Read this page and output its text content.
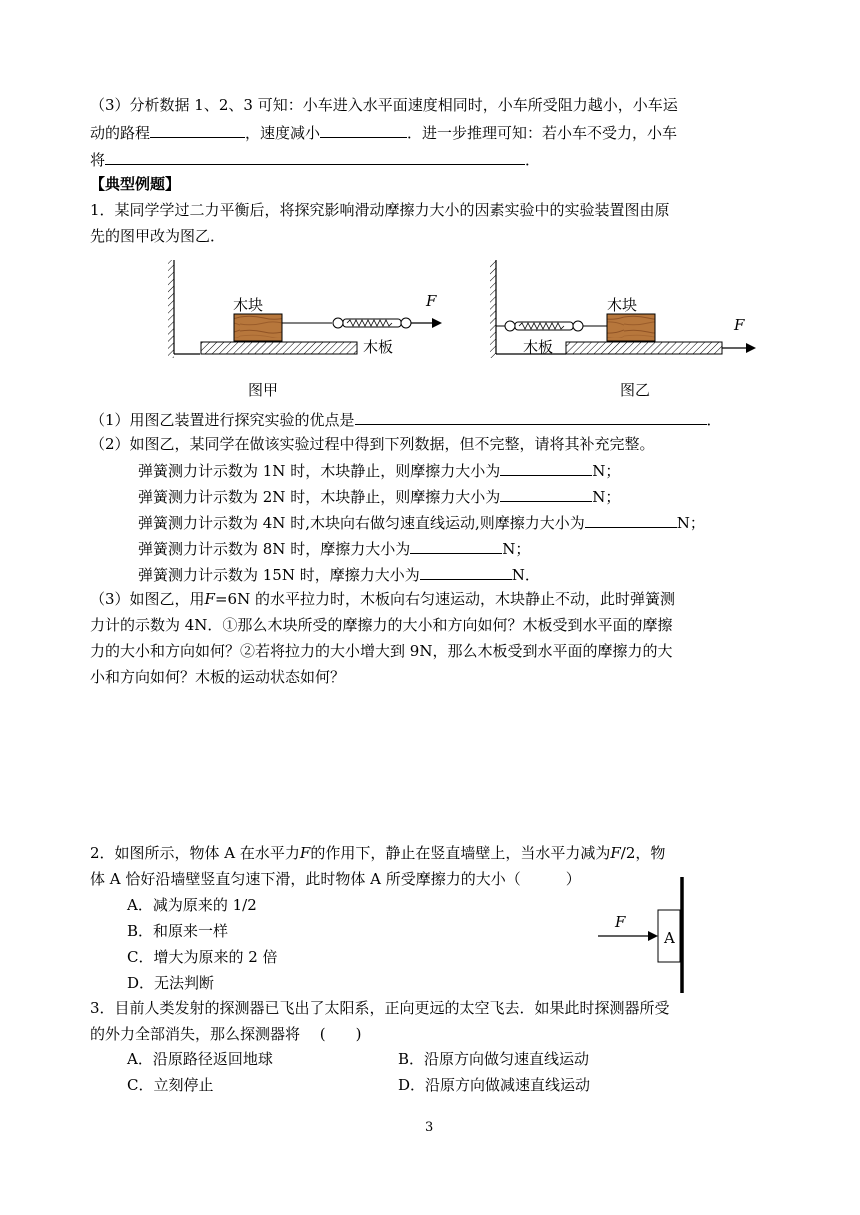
（3）分析数据 1、2、3 可知：小车进入水平面速度相同时，小车所受阻力越小，小车运
动的路程	，速度减小	．进一步推理可知：若小车不受力，小车
将	．
【典型例题】
1．某同学学过二力平衡后，将探究影响滑动摩擦力大小的因素实验中的实验装置图由原
先的图甲改为图乙．
木块	F
木板
木块
F
木板
图甲	图乙
（1）用图乙装置进行探究实验的优点是	．
（2）如图乙，某同学在做该实验过程中得到下列数据，但不完整，请将其补充完整。
弹簧测力计示数为 1N 时，木块静止，则摩擦力大小为	N；
弹簧测力计示数为 2N 时，木块静止，则摩擦力大小为	N；
弹簧测力计示数为 4N 时,木块向右做匀速直线运动,则摩擦力大小为	N；
弹簧测力计示数为 8N 时，摩擦力大小为	N；
弹簧测力计示数为 15N 时，摩擦力大小为	N．
（3）如图乙，用F=6N 的水平拉力时，木板向右匀速运动，木块静止不动，此时弹簧测
力计的示数为 4N．①那么木块所受的摩擦力的大小和方向如何？木板受到水平面的摩擦
力的大小和方向如何？②若将拉力的大小增大到 9N，那么木板受到水平面的摩擦力的大
小和方向如何？木板的运动状态如何？
2．如图所示，物体 A 在水平力F的作用下，静止在竖直墙壁上，当水平力减为F/2，物
体 A 恰好沿墙壁竖直匀速下滑，此时物体 A 所受摩擦力的大小（　　　）
A．减为原来的 1/2
B．和原来一样
C．增大为原来的 2 倍
D．无法判断
F
A
3．目前人类发射的探测器已飞出了太阳系，正向更远的太空飞去．如果此时探测器所受
的外力全部消失，那么探测器将　 (　　)
A．沿原路径返回地球	B．沿原方向做匀速直线运动
C．立刻停止	D．沿原方向做减速直线运动
3
